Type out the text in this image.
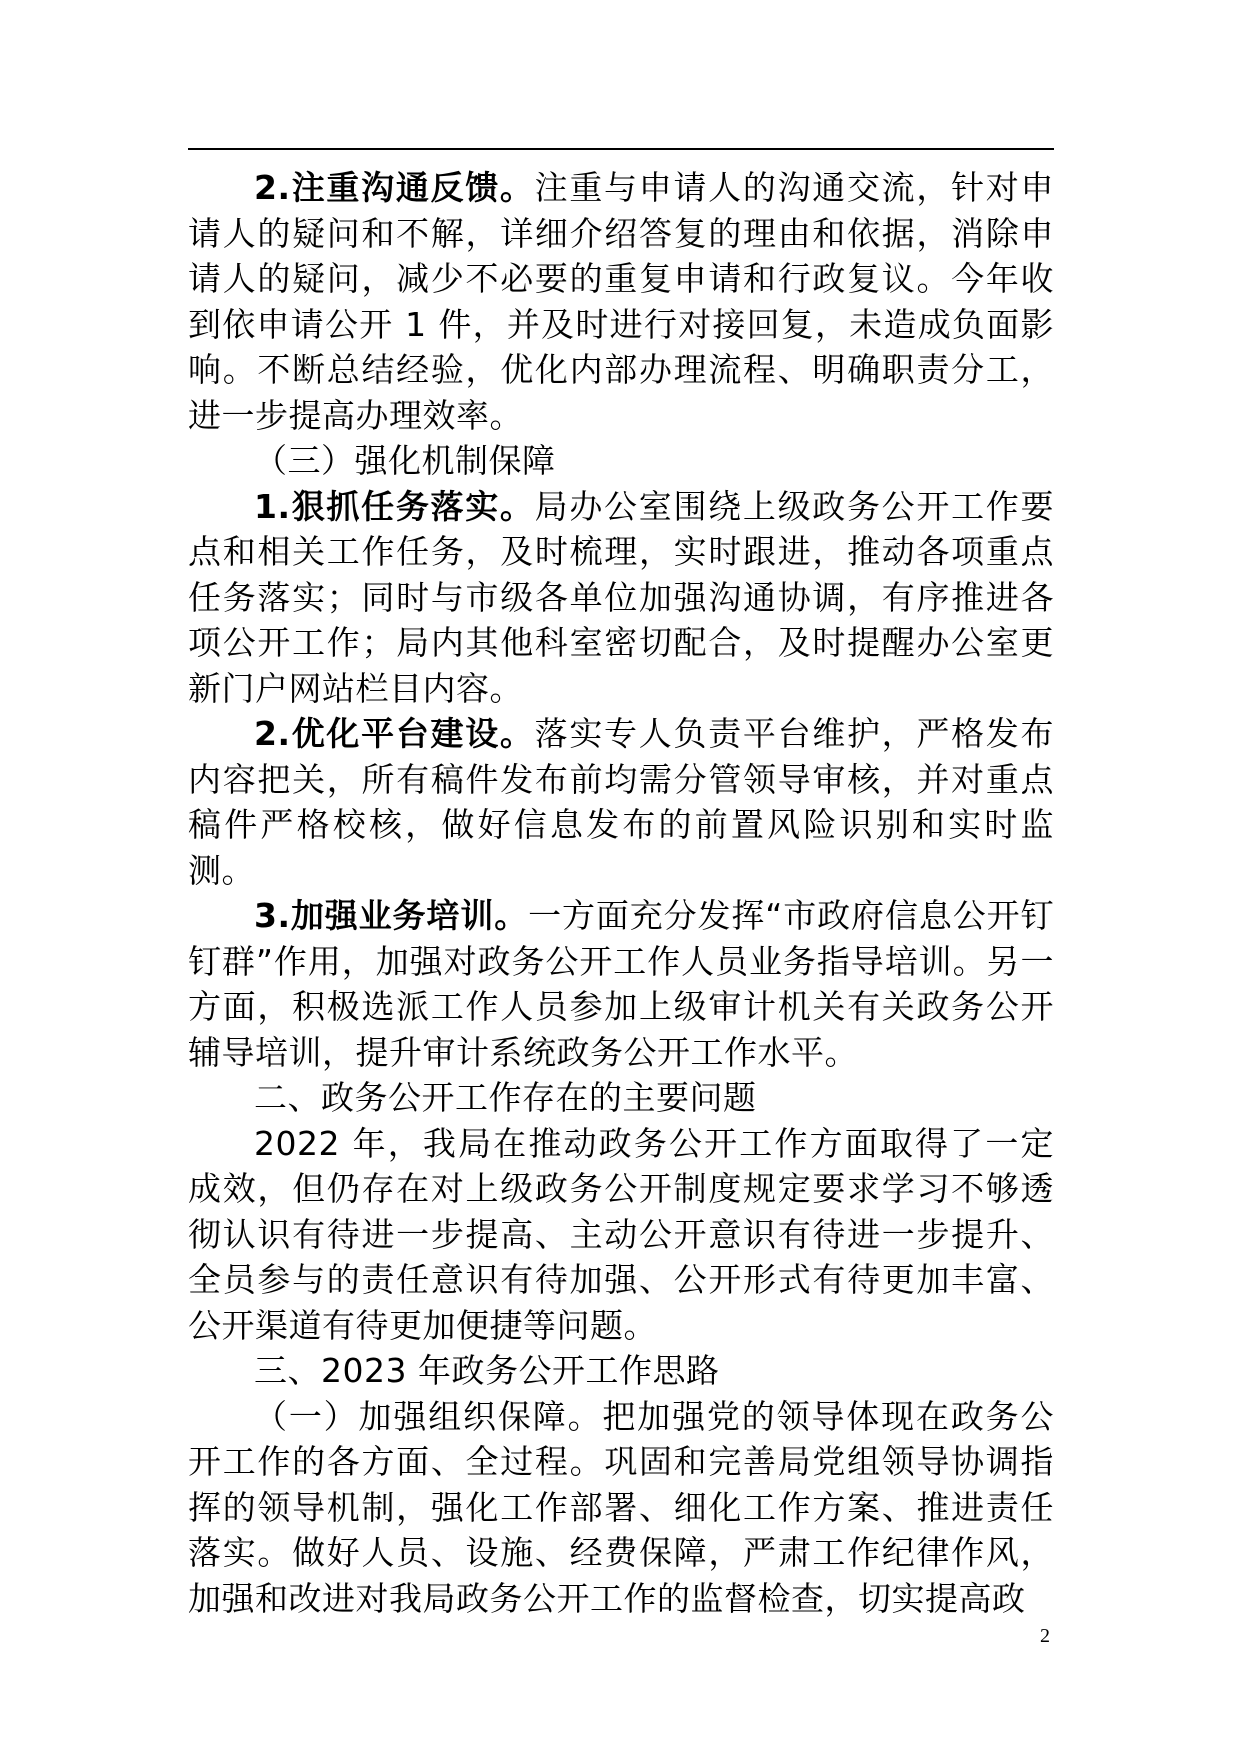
2.注重沟通反馈。注重与申请人的沟通交流，针对申请人的疑问和不解，详细介绍答复的理由和依据，消除申请人的疑问，减少不必要的重复申请和行政复议。今年收到依申请公开 1 件，并及时进行对接回复，未造成负面影响。不断总结经验，优化内部办理流程、明确职责分工，进一步提高办理效率。

（三）强化机制保障

1.狠抓任务落实。局办公室围绕上级政务公开工作要点和相关工作任务，及时梳理，实时跟进，推动各项重点任务落实；同时与市级各单位加强沟通协调，有序推进各项公开工作；局内其他科室密切配合，及时提醒办公室更新门户网站栏目内容。

2.优化平台建设。落实专人负责平台维护，严格发布内容把关，所有稿件发布前均需分管领导审核，并对重点稿件严格校核，做好信息发布的前置风险识别和实时监测。

3.加强业务培训。一方面充分发挥“市政府信息公开钉钉群”作用，加强对政务公开工作人员业务指导培训。另一方面，积极选派工作人员参加上级审计机关有关政务公开辅导培训，提升审计系统政务公开工作水平。

二、政务公开工作存在的主要问题

2022 年，我局在推动政务公开工作方面取得了一定成效，但仍存在对上级政务公开制度规定要求学习不够透彻认识有待进一步提高、主动公开意识有待进一步提升、全员参与的责任意识有待加强、公开形式有待更加丰富、公开渠道有待更加便捷等问题。

三、2023 年政务公开工作思路

（一）加强组织保障。把加强党的领导体现在政务公开工作的各方面、全过程。巩固和完善局党组领导协调指挥的领导机制，强化工作部署、细化工作方案、推进责任落实。做好人员、设施、经费保障，严肃工作纪律作风，加强和改进对我局政务公开工作的监督检查，切实提高政

2
